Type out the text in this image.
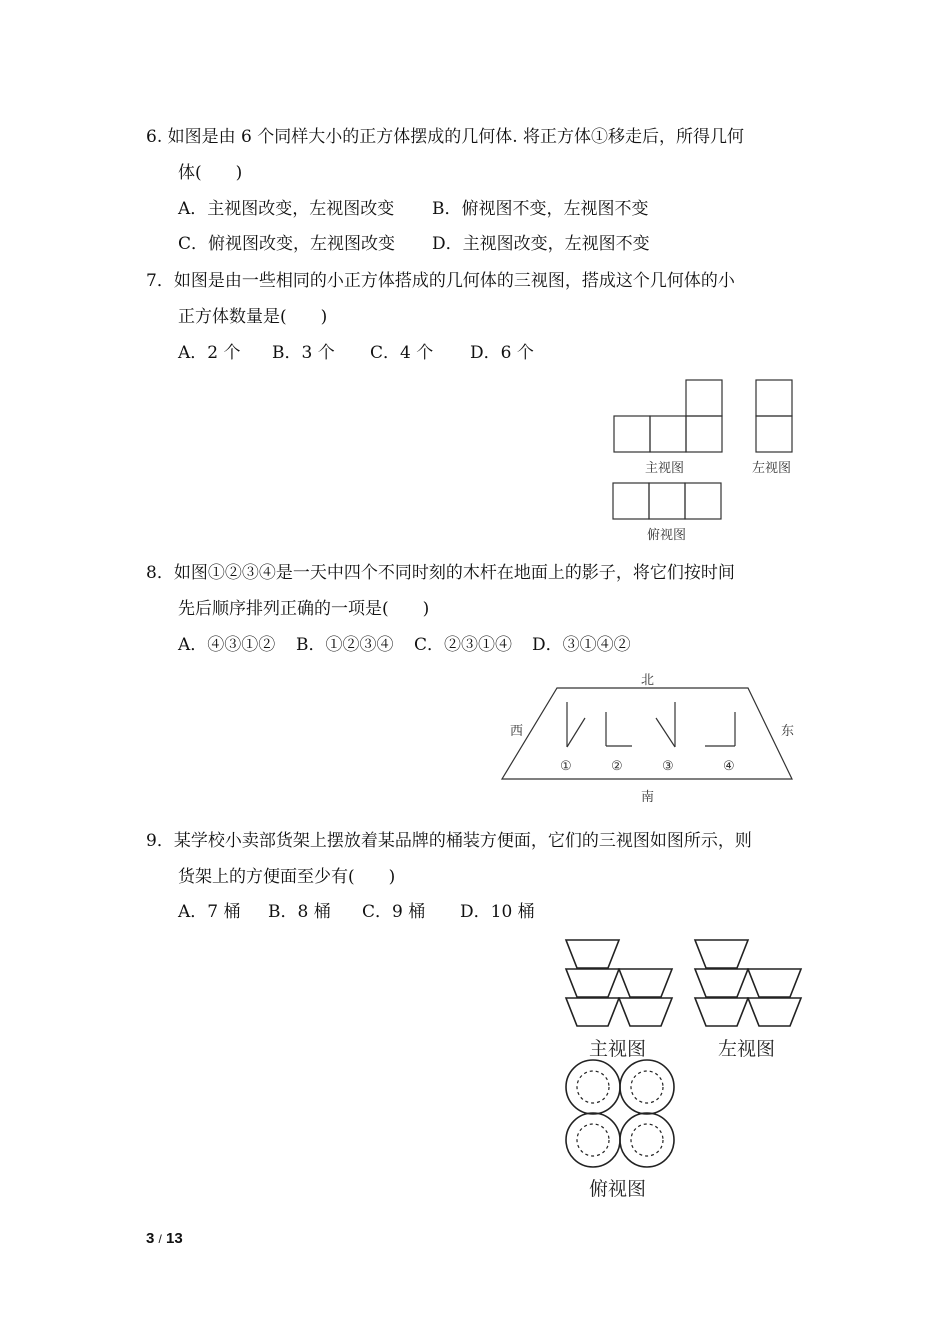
6. 如图是由 6 个同样大小的正方体摆成的几何体. 将正方体①移走后，所得几何
体(　　)
A．主视图改变，左视图改变 B．俯视图不变，左视图不变
C．俯视图改变，左视图改变 D．主视图改变，左视图不变
7．如图是由一些相同的小正方体搭成的几何体的三视图，搭成这个几何体的小
正方体数量是(　　)
A．2 个 B．3 个 C．4 个 D．6 个
主视图	左视图
俯视图
8．如图①②③④是一天中四个不同时刻的木杆在地面上的影子，将它们按时间
先后顺序排列正确的一项是(　　)
A．④③①② B．①②③④ C．②③①④ D．③①④②
北
南
西	东
①	②	③	④
9．某学校小卖部货架上摆放着某品牌的桶装方便面，它们的三视图如图所示，则
货架上的方便面至少有(　　)
A．7 桶 B．8 桶 C．9 桶 D．10 桶
主视图	左视图
俯视图
3 / 13
